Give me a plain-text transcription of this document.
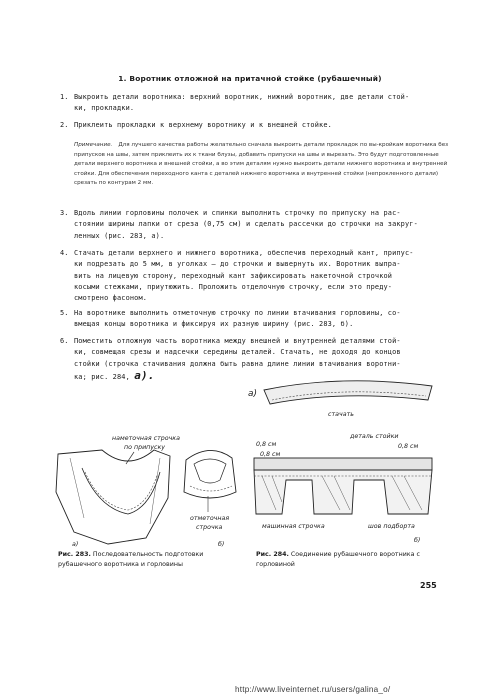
1. Воротник отложной на притачной стойке (рубашечный)
1. Выкроить детали воротника: верхний воротник, нижний воротник, две детали стой-
ки, прокладки.
2. Приклеить прокладки к верхнему воротнику и к внешней стойке.
Примечание. Для лучшего качества работы желательно сначала выкроить детали прокладок по вы-кройкам воротника без припусков на швы, затем приклеить их к ткани блузы, добавить припуски на швы и вырезать. Это будут подготовленные детали верхнего воротника и внешней стойки, а во этим деталям нужно выкроить детали нижнего воротника и внутренней стойки. Для обеспечения переходного канта с деталей нижнего воротника и внутренней стойки (непрокленного детали) срезать по контурам 2 мм.
3. Вдоль линии горловины полочек и спинки выполнить строчку по припуску на рас-
стоянии ширины лапки от среза (0,75 см) и сделать рассечки до строчки на закруг-
ленных (рис. 283, а).
4. Стачать детали верхнего и нижнего воротника, обеспечив переходный кант, припус-
ки подрезать до 5 мм, в уголках — до строчки и вывернуть их. Воротник выпра-
вить на лицевую сторону, переходный кант зафиксировать накеточной строчкой
косыми стежками, приутюжить. Проложить отделочную строчку, если это преду-
смотрено фасоном.
5. На воротнике выполнить отметочную строчку по линии втачивания горловины, со-
вмещая концы воротника и фиксируя их разную ширину (рис. 283, б).
6. Поместить отложную часть воротника между внешней и внутренней деталями стой-
ки, совмещая срезы и надсечки середины деталей. Стачать, не доходя до концов
стойки (строчка стачивания должна быть равна длине линии втачивания воротни-
ка; рис. 284, а).
наметочная строчка
по припуску
а)
отметочная
строчка
б)
Рис. 283. Последовательность подготовки рубашечного воротника и горловины
стачать
а)
0,8 см
0,8 см
0,8 см
деталь стойки
машинная строчка	шов подборта
б)
Рис. 284. Соединение рубашечного воротника с горловиной
255
http://www.liveinternet.ru/users/galina_o/
